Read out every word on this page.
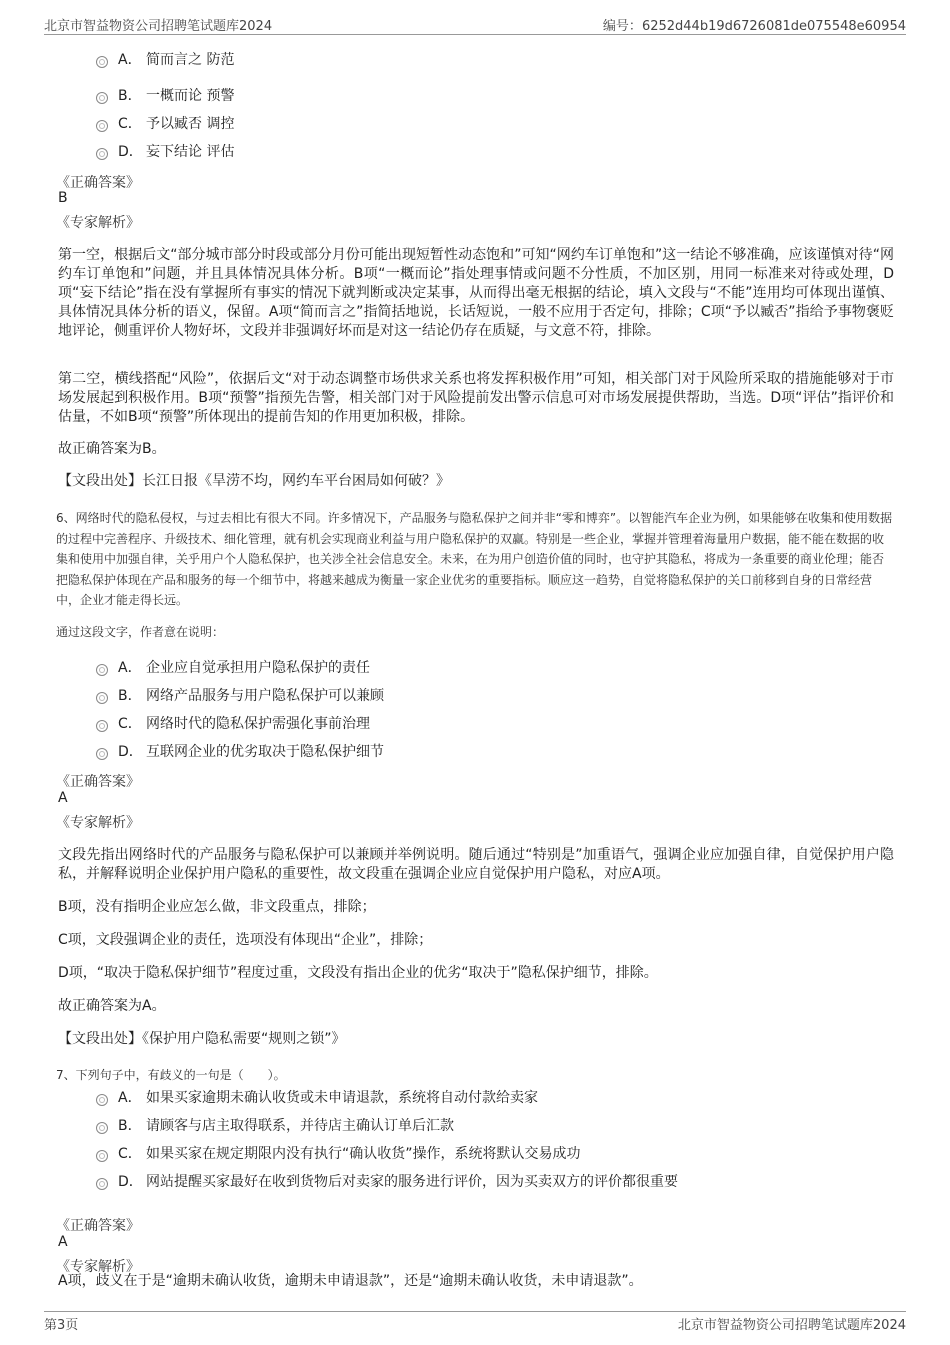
北京市智益物资公司招聘笔试题库2024	编号：6252d44b19d6726081de075548e60954
A． 简而言之 防范
B． 一概而论 预警
C． 予以臧否 调控
D． 妄下结论 评估
《正确答案》
B
《专家解析》
第一空，根据后文“部分城市部分时段或部分月份可能出现短暂性动态饱和”可知“网约车订单饱和”这一结论不够准确，应该谨慎对待“网约车订单饱和”问题，并且具体情况具体分析。B项“一概而论”指处理事情或问题不分性质，不加区别，用同一标准来对待或处理，D项“妄下结论”指在没有掌握所有事实的情况下就判断或决定某事，从而得出毫无根据的结论，填入文段与“不能”连用均可体现出谨慎、具体情况具体分析的语义，保留。A项“简而言之”指简括地说，长话短说，一般不应用于否定句，排除；C项“予以臧否”指给予事物褒贬地评论，侧重评价人物好坏，文段并非强调好坏而是对这一结论仍存在质疑，与文意不符，排除。
第二空，横线搭配“风险”，依据后文“对于动态调整市场供求关系也将发挥积极作用”可知，相关部门对于风险所采取的措施能够对于市场发展起到积极作用。B项“预警”指预先告警，相关部门对于风险提前发出警示信息可对市场发展提供帮助，当选。D项“评估”指评价和估量，不如B项“预警”所体现出的提前告知的作用更加积极，排除。
故正确答案为B。
【文段出处】长江日报《旱涝不均，网约车平台困局如何破？》
6、网络时代的隐私侵权，与过去相比有很大不同。许多情况下，产品服务与隐私保护之间并非“零和博弈”。以智能汽车企业为例，如果能够在收集和使用数据的过程中完善程序、升级技术、细化管理，就有机会实现商业利益与用户隐私保护的双赢。特别是一些企业，掌握并管理着海量用户数据，能不能在数据的收集和使用中加强自律，关乎用户个人隐私保护，也关涉全社会信息安全。未来，在为用户创造价值的同时，也守护其隐私，将成为一条重要的商业伦理；能否把隐私保护体现在产品和服务的每一个细节中，将越来越成为衡量一家企业优劣的重要指标。顺应这一趋势，自觉将隐私保护的关口前移到自身的日常经营中，企业才能走得长远。
通过这段文字，作者意在说明：
A． 企业应自觉承担用户隐私保护的责任
B． 网络产品服务与用户隐私保护可以兼顾
C． 网络时代的隐私保护需强化事前治理
D． 互联网企业的优劣取决于隐私保护细节
《正确答案》
A
《专家解析》
文段先指出网络时代的产品服务与隐私保护可以兼顾并举例说明。随后通过“特别是”加重语气，强调企业应加强自律，自觉保护用户隐私，并解释说明企业保护用户隐私的重要性，故文段重在强调企业应自觉保护用户隐私，对应A项。
B项，没有指明企业应怎么做，非文段重点，排除；
C项，文段强调企业的责任，选项没有体现出“企业”，排除；
D项，“取决于隐私保护细节”程度过重，文段没有指出企业的优劣“取决于”隐私保护细节，排除。
故正确答案为A。
【文段出处】《保护用户隐私需要“规则之锁”》
7、下列句子中，有歧义的一句是（　　）。
A． 如果买家逾期未确认收货或未申请退款，系统将自动付款给卖家
B． 请顾客与店主取得联系，并待店主确认订单后汇款
C． 如果买家在规定期限内没有执行“确认收货”操作，系统将默认交易成功
D． 网站提醒买家最好在收到货物后对卖家的服务进行评价，因为买卖双方的评价都很重要
《正确答案》
A
《专家解析》
A项，歧义在于是“逾期未确认收货，逾期未申请退款”，还是“逾期未确认收货，未申请退款”。
第3页	北京市智益物资公司招聘笔试题库2024
